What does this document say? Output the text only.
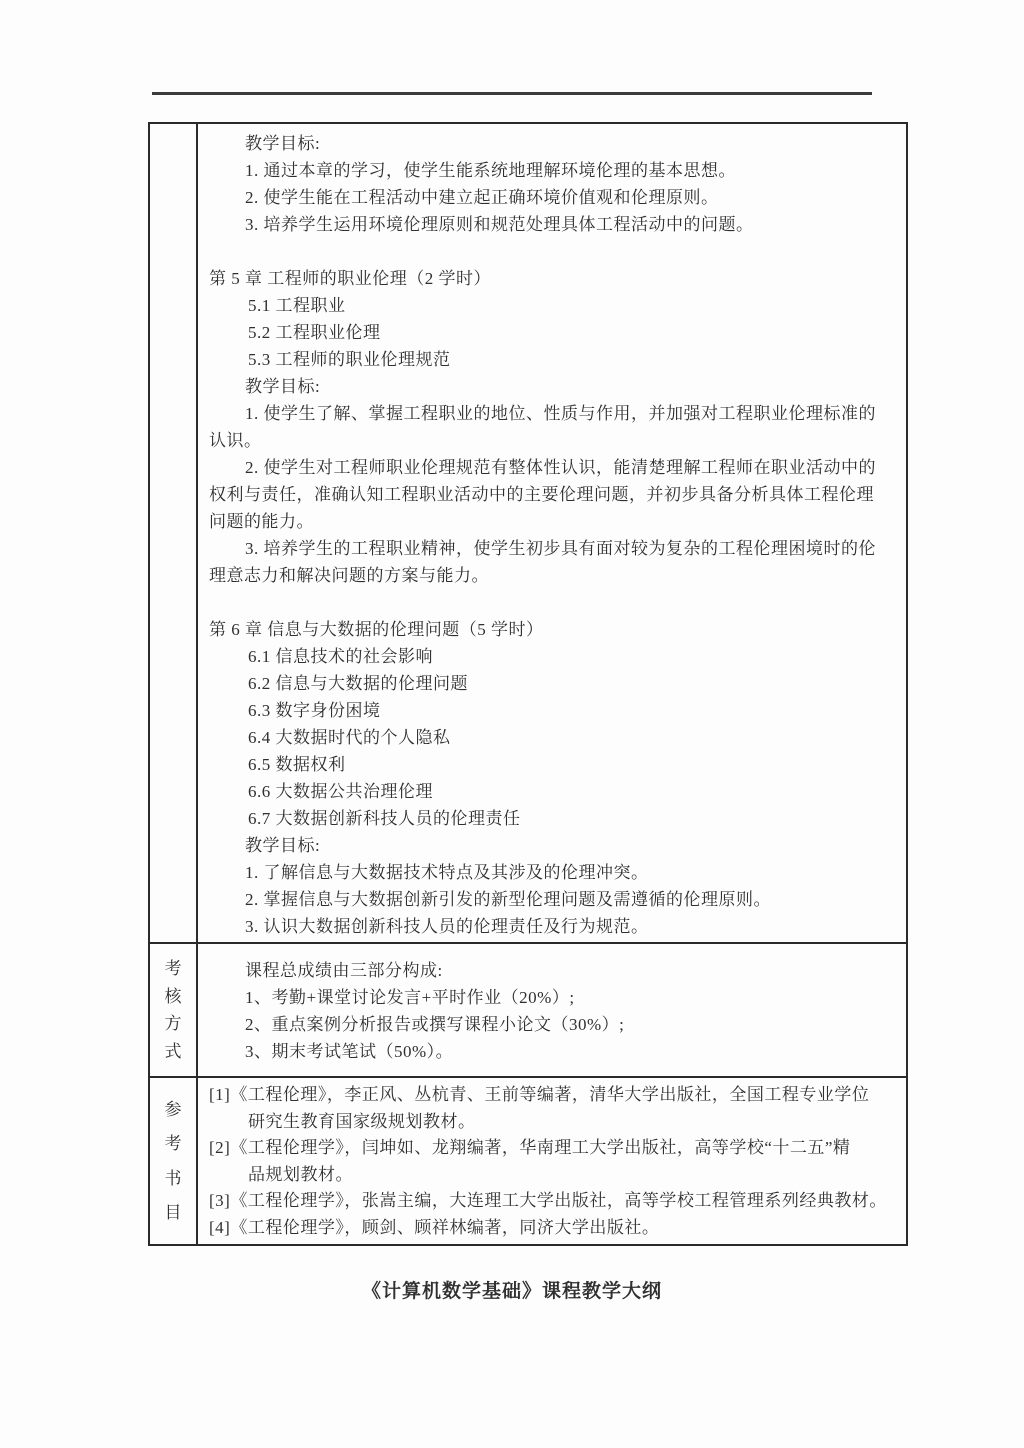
教学目标:
1. 通过本章的学习，使学生能系统地理解环境伦理的基本思想。
2. 使学生能在工程活动中建立起正确环境价值观和伦理原则。
3. 培养学生运用环境伦理原则和规范处理具体工程活动中的问题。

第 5 章 工程师的职业伦理（2 学时）
5.1 工程职业
5.2 工程职业伦理
5.3 工程师的职业伦理规范
教学目标:
1. 使学生了解、掌握工程职业的地位、性质与作用，并加强对工程职业伦理标准的
认识。
2. 使学生对工程师职业伦理规范有整体性认识，能清楚理解工程师在职业活动中的
权利与责任，准确认知工程职业活动中的主要伦理问题，并初步具备分析具体工程伦理
问题的能力。
3. 培养学生的工程职业精神，使学生初步具有面对较为复杂的工程伦理困境时的伦
理意志力和解决问题的方案与能力。

第 6 章 信息与大数据的伦理问题（5 学时）
6.1 信息技术的社会影响
6.2 信息与大数据的伦理问题
6.3 数字身份困境
6.4 大数据时代的个人隐私
6.5 数据权利
6.6 大数据公共治理伦理
6.7 大数据创新科技人员的伦理责任
教学目标:
1. 了解信息与大数据技术特点及其涉及的伦理冲突。
2. 掌握信息与大数据创新引发的新型伦理问题及需遵循的伦理原则。
3. 认识大数据创新科技人员的伦理责任及行为规范。
考
核
方
式
课程总成绩由三部分构成:
1、考勤+课堂讨论发言+平时作业（20%）;
2、重点案例分析报告或撰写课程小论文（30%）;
3、期末考试笔试（50%）。
参
考
书
目
[1]《工程伦理》，李正风、丛杭青、王前等编著，清华大学出版社，全国工程专业学位
研究生教育国家级规划教材。
[2]《工程伦理学》，闫坤如、龙翔编著，华南理工大学出版社，高等学校“十二五”精
品规划教材。
[3]《工程伦理学》，张嵩主编，大连理工大学出版社，高等学校工程管理系列经典教材。
[4]《工程伦理学》，顾剑、顾祥林编著，同济大学出版社。
《计算机数学基础》课程教学大纲
